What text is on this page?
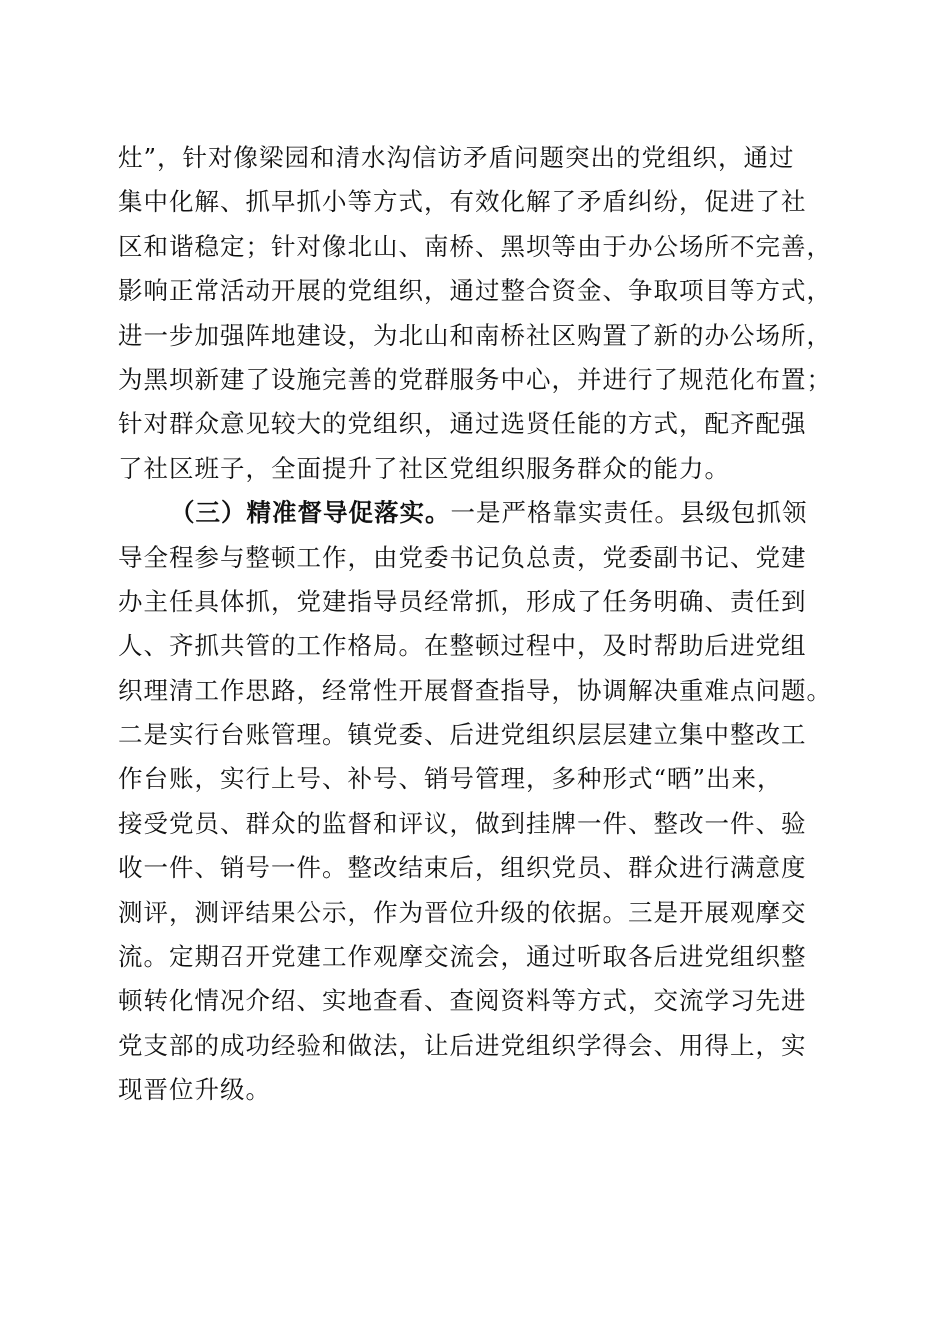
灶”，针对像梁园和清水沟信访矛盾问题突出的党组织，通过
集中化解、抓早抓小等方式，有效化解了矛盾纠纷，促进了社
区和谐稳定；针对像北山、南桥、黑坝等由于办公场所不完善，
影响正常活动开展的党组织，通过整合资金、争取项目等方式，
进一步加强阵地建设，为北山和南桥社区购置了新的办公场所，
为黑坝新建了设施完善的党群服务中心，并进行了规范化布置；
针对群众意见较大的党组织，通过选贤任能的方式，配齐配强
了社区班子，全面提升了社区党组织服务群众的能力。
（三）精准督导促落实。一是严格靠实责任。县级包抓领
导全程参与整顿工作，由党委书记负总责，党委副书记、党建
办主任具体抓，党建指导员经常抓，形成了任务明确、责任到
人、齐抓共管的工作格局。在整顿过程中，及时帮助后进党组
织理清工作思路，经常性开展督查指导，协调解决重难点问题。
二是实行台账管理。镇党委、后进党组织层层建立集中整改工
作台账，实行上号、补号、销号管理，多种形式“晒”出来，
接受党员、群众的监督和评议，做到挂牌一件、整改一件、验
收一件、销号一件。整改结束后，组织党员、群众进行满意度
测评，测评结果公示，作为晋位升级的依据。三是开展观摩交
流。定期召开党建工作观摩交流会，通过听取各后进党组织整
顿转化情况介绍、实地查看、查阅资料等方式，交流学习先进
党支部的成功经验和做法，让后进党组织学得会、用得上，实
现晋位升级。
